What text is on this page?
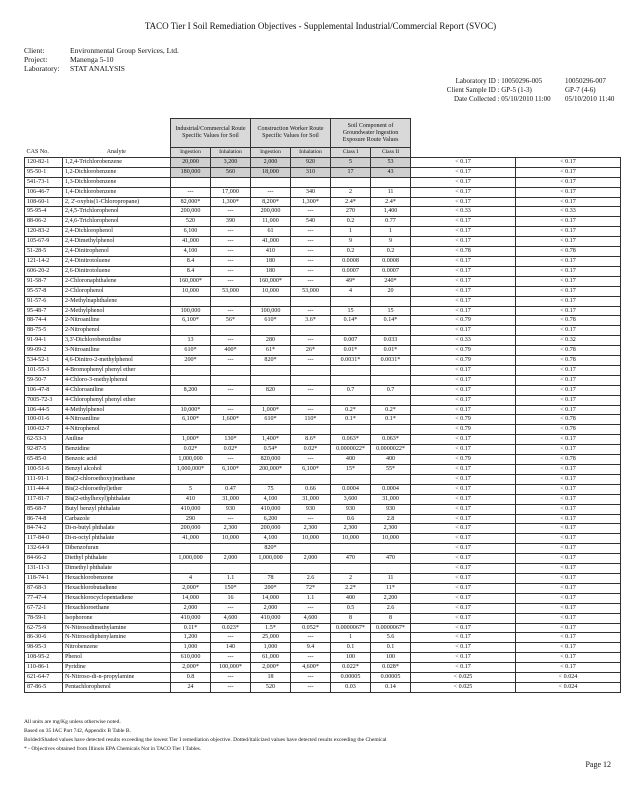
TACO Tier I Soil Remediation Objectives - Supplemental Industrial/Commercial Report (SVOC)
Client:	Environmental Group Services, Ltd.
Project:	Manenga 5-10
Laboratory: STAT ANALYSIS
Laboratory ID : 10050296-005	10050296-007
Client Sample ID : GP-5 (1-3)	GP-7 (4-6)
Date Collected : 05/10/2010 11:00 05/10/2010 11:40
		Industrial/Commercial Route Specific Values for Soil		Construction Worker Route Specific Values for Soil		Soil Component of Groundwater Ingestion Exposure Route Values			
CAS No.	Analyte	Ingestion	Inhalation	Ingestion	Inhalation	Class I	Class II		
120-82-1	1,2,4-Trichlorobenzene	20,000	3,200	2,000	920	5	53	< 0.17	< 0.17
95-50-1	1,2-Dichlorobenzene	180,000	560	18,000	310	17	43	< 0.17	< 0.17
541-73-1	1,3-Dichlorobenzene							< 0.17	< 0.17
106-46-7	1,4-Dichlorobenzene	---	17,000	---	340	2	11	< 0.17	< 0.17
108-60-1	2, 2'-oxybis(1-Chloropropane)	82,000*	1,300*	8,200*	1,300*	2.4*	2.4*	< 0.17	< 0.17
95-95-4	2,4,5-Trichlorophenol	200,000	---	200,000	---	270	1,400	< 0.33	< 0.33
88-06-2	2,4,6-Trichlorophenol	520	390	11,000	540	0.2	0.77	< 0.17	< 0.17
120-83-2	2,4-Dichlorophenol	6,100	---	61	---	1	1	< 0.17	< 0.17
105-67-9	2,4-Dimethylphenol	41,000	---	41,000	---	9	9	< 0.17	< 0.17
51-28-5	2,4-Dinitrophenol	4,100	---	410	---	0.2	0.2	< 0.78	< 0.78
121-14-2	2,4-Dinitrotoluene	8.4	---	180	---	0.0008	0.0008	< 0.17	< 0.17
606-20-2	2,6-Dinitrotoluene	8.4	---	180	---	0.0007	0.0007	< 0.17	< 0.17
91-58-7	2-Chloronaphthalene	160,000*	---	160,000*	---	49*	240*	< 0.17	< 0.17
95-57-8	2-Chlorophenol	10,000	53,000	10,000	53,000	4	20	< 0.17	< 0.17
91-57-6	2-Methylnaphthalene							< 0.17	< 0.17
95-48-7	2-Methylphenol	100,000	---	100,000	---	15	15	< 0.17	< 0.17
88-74-4	2-Nitroaniline	6,100*	56*	610*	3.6*	0.14*	0.14*	< 0.79	< 0.78
88-75-5	2-Nitrophenol							< 0.17	< 0.17
91-94-1	3,3'-Dichlorobenzidine	13	---	280	---	0.007	0.033	< 0.33	< 0.32
99-09-2	3-Nitroaniline	610*	400*	61*	26*	0.01*	0.01*	< 0.79	< 0.78
534-52-1	4,6-Dinitro-2-methylphenol	200*	---	820*	---	0.0031*	0.0031*	< 0.79	< 0.78
101-55-3	4-Bromophenyl phenyl ether							< 0.17	< 0.17
59-50-7	4-Chloro-3-methylphenol							< 0.17	< 0.17
106-47-8	4-Chloroaniline	8,200	---	820	---	0.7	0.7	< 0.17	< 0.17
7005-72-3	4-Chlorophenyl phenyl ether							< 0.17	< 0.17
106-44-5	4-Methylphenol	10,000*	---	1,000*	---	0.2*	0.2*	< 0.17	< 0.17
100-01-6	4-Nitroaniline	6,100*	1,600*	610*	110*	0.1*	0.1*	< 0.79	< 0.78
100-02-7	4-Nitrophenol							< 0.79	< 0.78
62-53-3	Aniline	1,000*	130*	1,400*	8.6*	0.063*	0.063*	< 0.17	< 0.17
92-87-5	Benzidine	0.02*	0.02*	0.54*	0.02*	0.0000022*	0.0000022*	< 0.17	< 0.17
65-85-0	Benzoic acid	1,000,000	---	820,000	---	400	400	< 0.79	< 0.78
100-51-6	Benzyl alcohol	1,000,000*	6,100*	200,000*	6,100*	15*	55*	< 0.17	< 0.17
111-91-1	Bis(2-chloroethoxy)methane							< 0.17	< 0.17
111-44-4	Bis(2-chloroethyl)ether	5	0.47	75	0.66	0.0004	0.0004	< 0.17	< 0.17
117-81-7	Bis(2-ethylhexyl)phthalate	410	31,000	4,100	31,000	3,600	31,000	< 0.17	< 0.17
85-68-7	Butyl benzyl phthalate	410,000	930	410,000	930	930	930	< 0.17	< 0.17
86-74-8	Carbazole	290	---	6,200	---	0.6	2.8	< 0.17	< 0.17
84-74-2	Di-n-butyl phthalate	200,000	2,300	200,000	2,300	2,300	2,300	< 0.17	< 0.17
117-84-0	Di-n-octyl phthalate	41,000	10,000	4,100	10,000	10,000	10,000	< 0.17	< 0.17
132-64-9	Dibenzofuran			820*				< 0.17	< 0.17
84-66-2	Diethyl phthalate	1,000,000	2,000	1,000,000	2,000	470	470	< 0.17	< 0.17
131-11-3	Dimethyl phthalate							< 0.17	< 0.17
118-74-1	Hexachlorobenzene	4	1.1	78	2.6	2	11	< 0.17	< 0.17
87-68-3	Hexachlorobutadiene	2,000*	150*	200*	72*	2.2*	11*	< 0.17	< 0.17
77-47-4	Hexachlorocyclopentadiene	14,000	16	14,000	1.1	400	2,200	< 0.17	< 0.17
67-72-1	Hexachloroethane	2,000	---	2,000	---	0.5	2.6	< 0.17	< 0.17
78-59-1	Isophorone	410,000	4,600	410,000	4,600	8	8	< 0.17	< 0.17
62-75-9	N-Nitrosodimethylamine	0.11*	0.023*	1.5*	0.052*	0.0000067*	0.0000067*	< 0.17	< 0.17
86-30-6	N-Nitrosodiphenylamine	1,200	---	25,000	---	1	5.6	< 0.17	< 0.17
98-95-3	Nitrobenzene	1,000	140	1,000	9.4	0.1	0.1	< 0.17	< 0.17
108-95-2	Phenol	610,000	---	61,000	---	100	100	< 0.17	< 0.17
110-86-1	Pyridine	2,000*	100,000*	2,000*	4,600*	0.022*	0.028*	< 0.17	< 0.17
621-64-7	N-Nitroso-di-n-propylamine	0.8	---	18	---	0.00005	0.00005	< 0.025	< 0.024
87-86-5	Pentachlorophenol	24	---	520	---	0.03	0.14	< 0.025	< 0.024
All units are mg/Kg unless otherwise noted.
Based on 35 IAC Part 742, Appendix B Table B.
Bolded/Shaded values have detected results exceeding the lowest Tier I remediation objective. Dotted/italicized values have detected results exceeding the Chemical
* - Objectives obtained from Illinois EPA Chemicals Not in TACO Tier I Tables.
Page 12
